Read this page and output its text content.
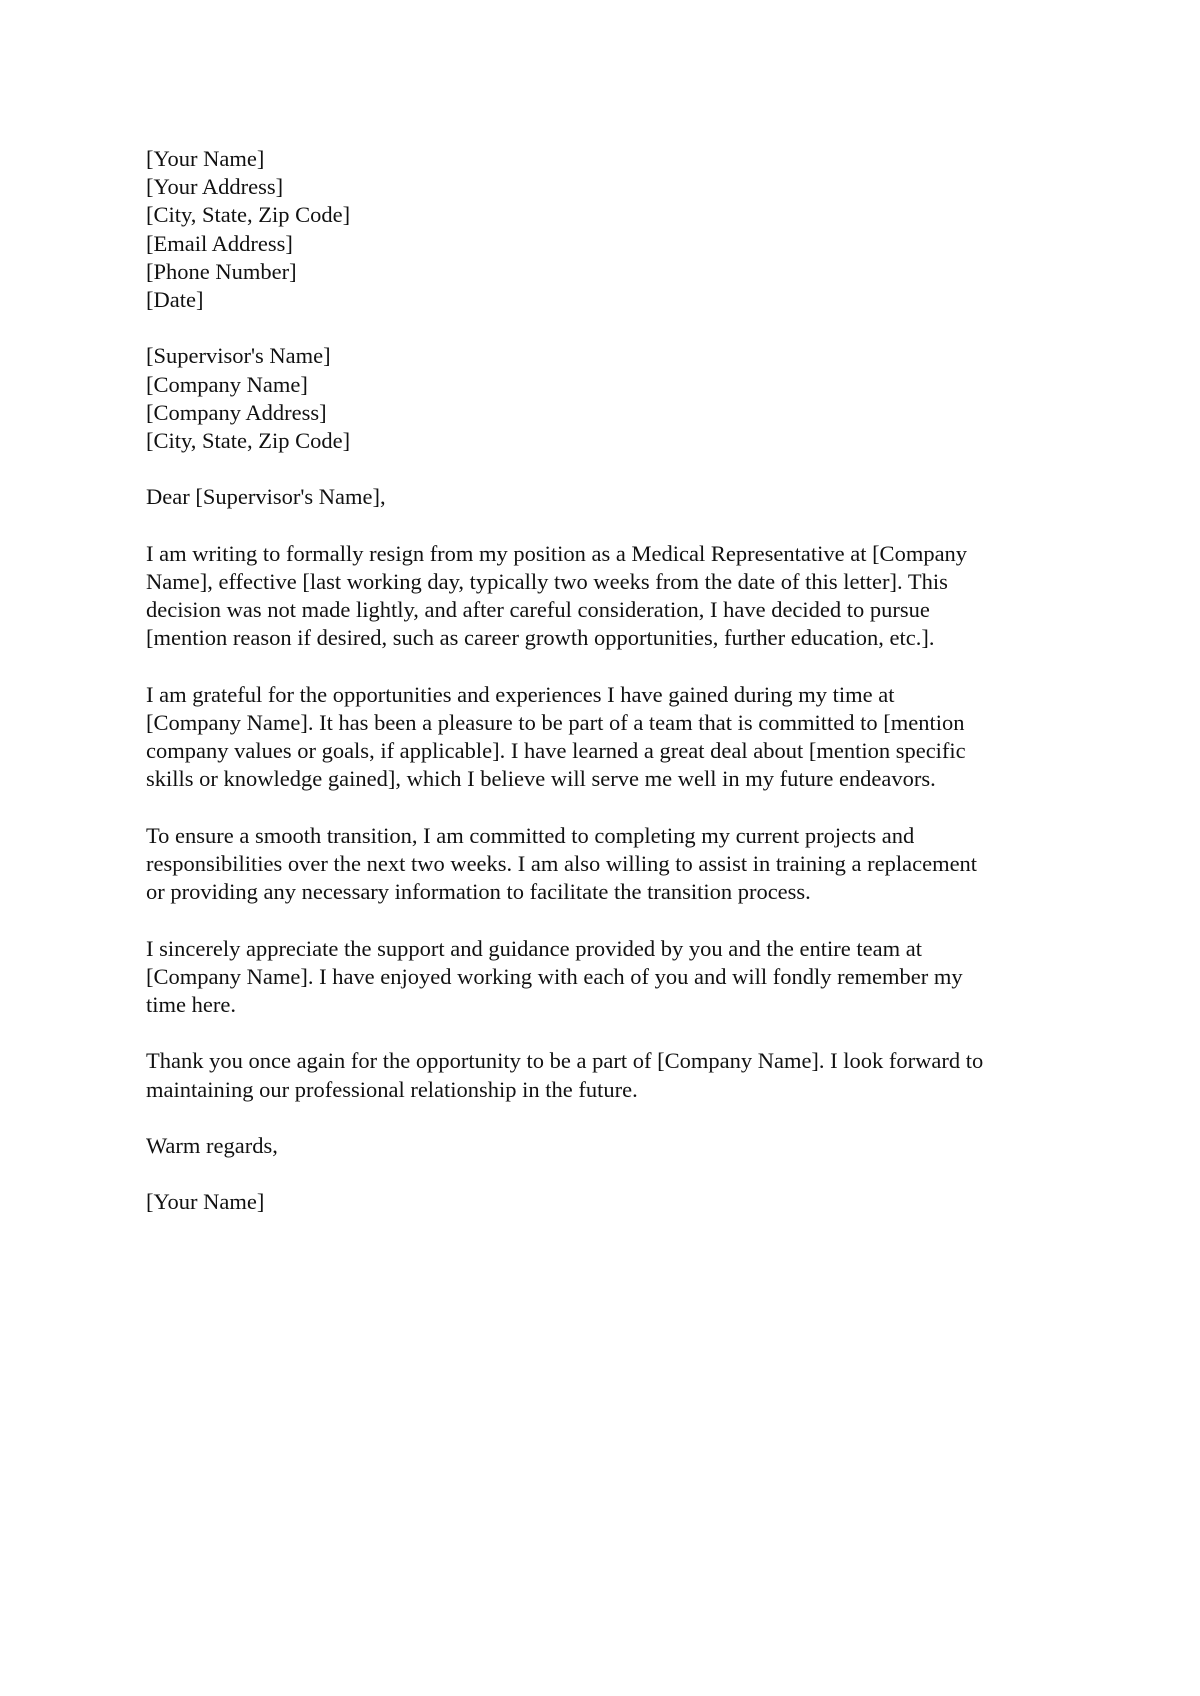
[Your Name]
[Your Address]
[City, State, Zip Code]
[Email Address]
[Phone Number]
[Date]
[Supervisor's Name]
[Company Name]
[Company Address]
[City, State, Zip Code]
Dear [Supervisor's Name],
I am writing to formally resign from my position as a Medical Representative at [Company
Name], effective [last working day, typically two weeks from the date of this letter]. This
decision was not made lightly, and after careful consideration, I have decided to pursue
[mention reason if desired, such as career growth opportunities, further education, etc.].
I am grateful for the opportunities and experiences I have gained during my time at
[Company Name]. It has been a pleasure to be part of a team that is committed to [mention
company values or goals, if applicable]. I have learned a great deal about [mention specific
skills or knowledge gained], which I believe will serve me well in my future endeavors.
To ensure a smooth transition, I am committed to completing my current projects and
responsibilities over the next two weeks. I am also willing to assist in training a replacement
or providing any necessary information to facilitate the transition process.
I sincerely appreciate the support and guidance provided by you and the entire team at
[Company Name]. I have enjoyed working with each of you and will fondly remember my
time here.
Thank you once again for the opportunity to be a part of [Company Name]. I look forward to
maintaining our professional relationship in the future.
Warm regards,
[Your Name]
